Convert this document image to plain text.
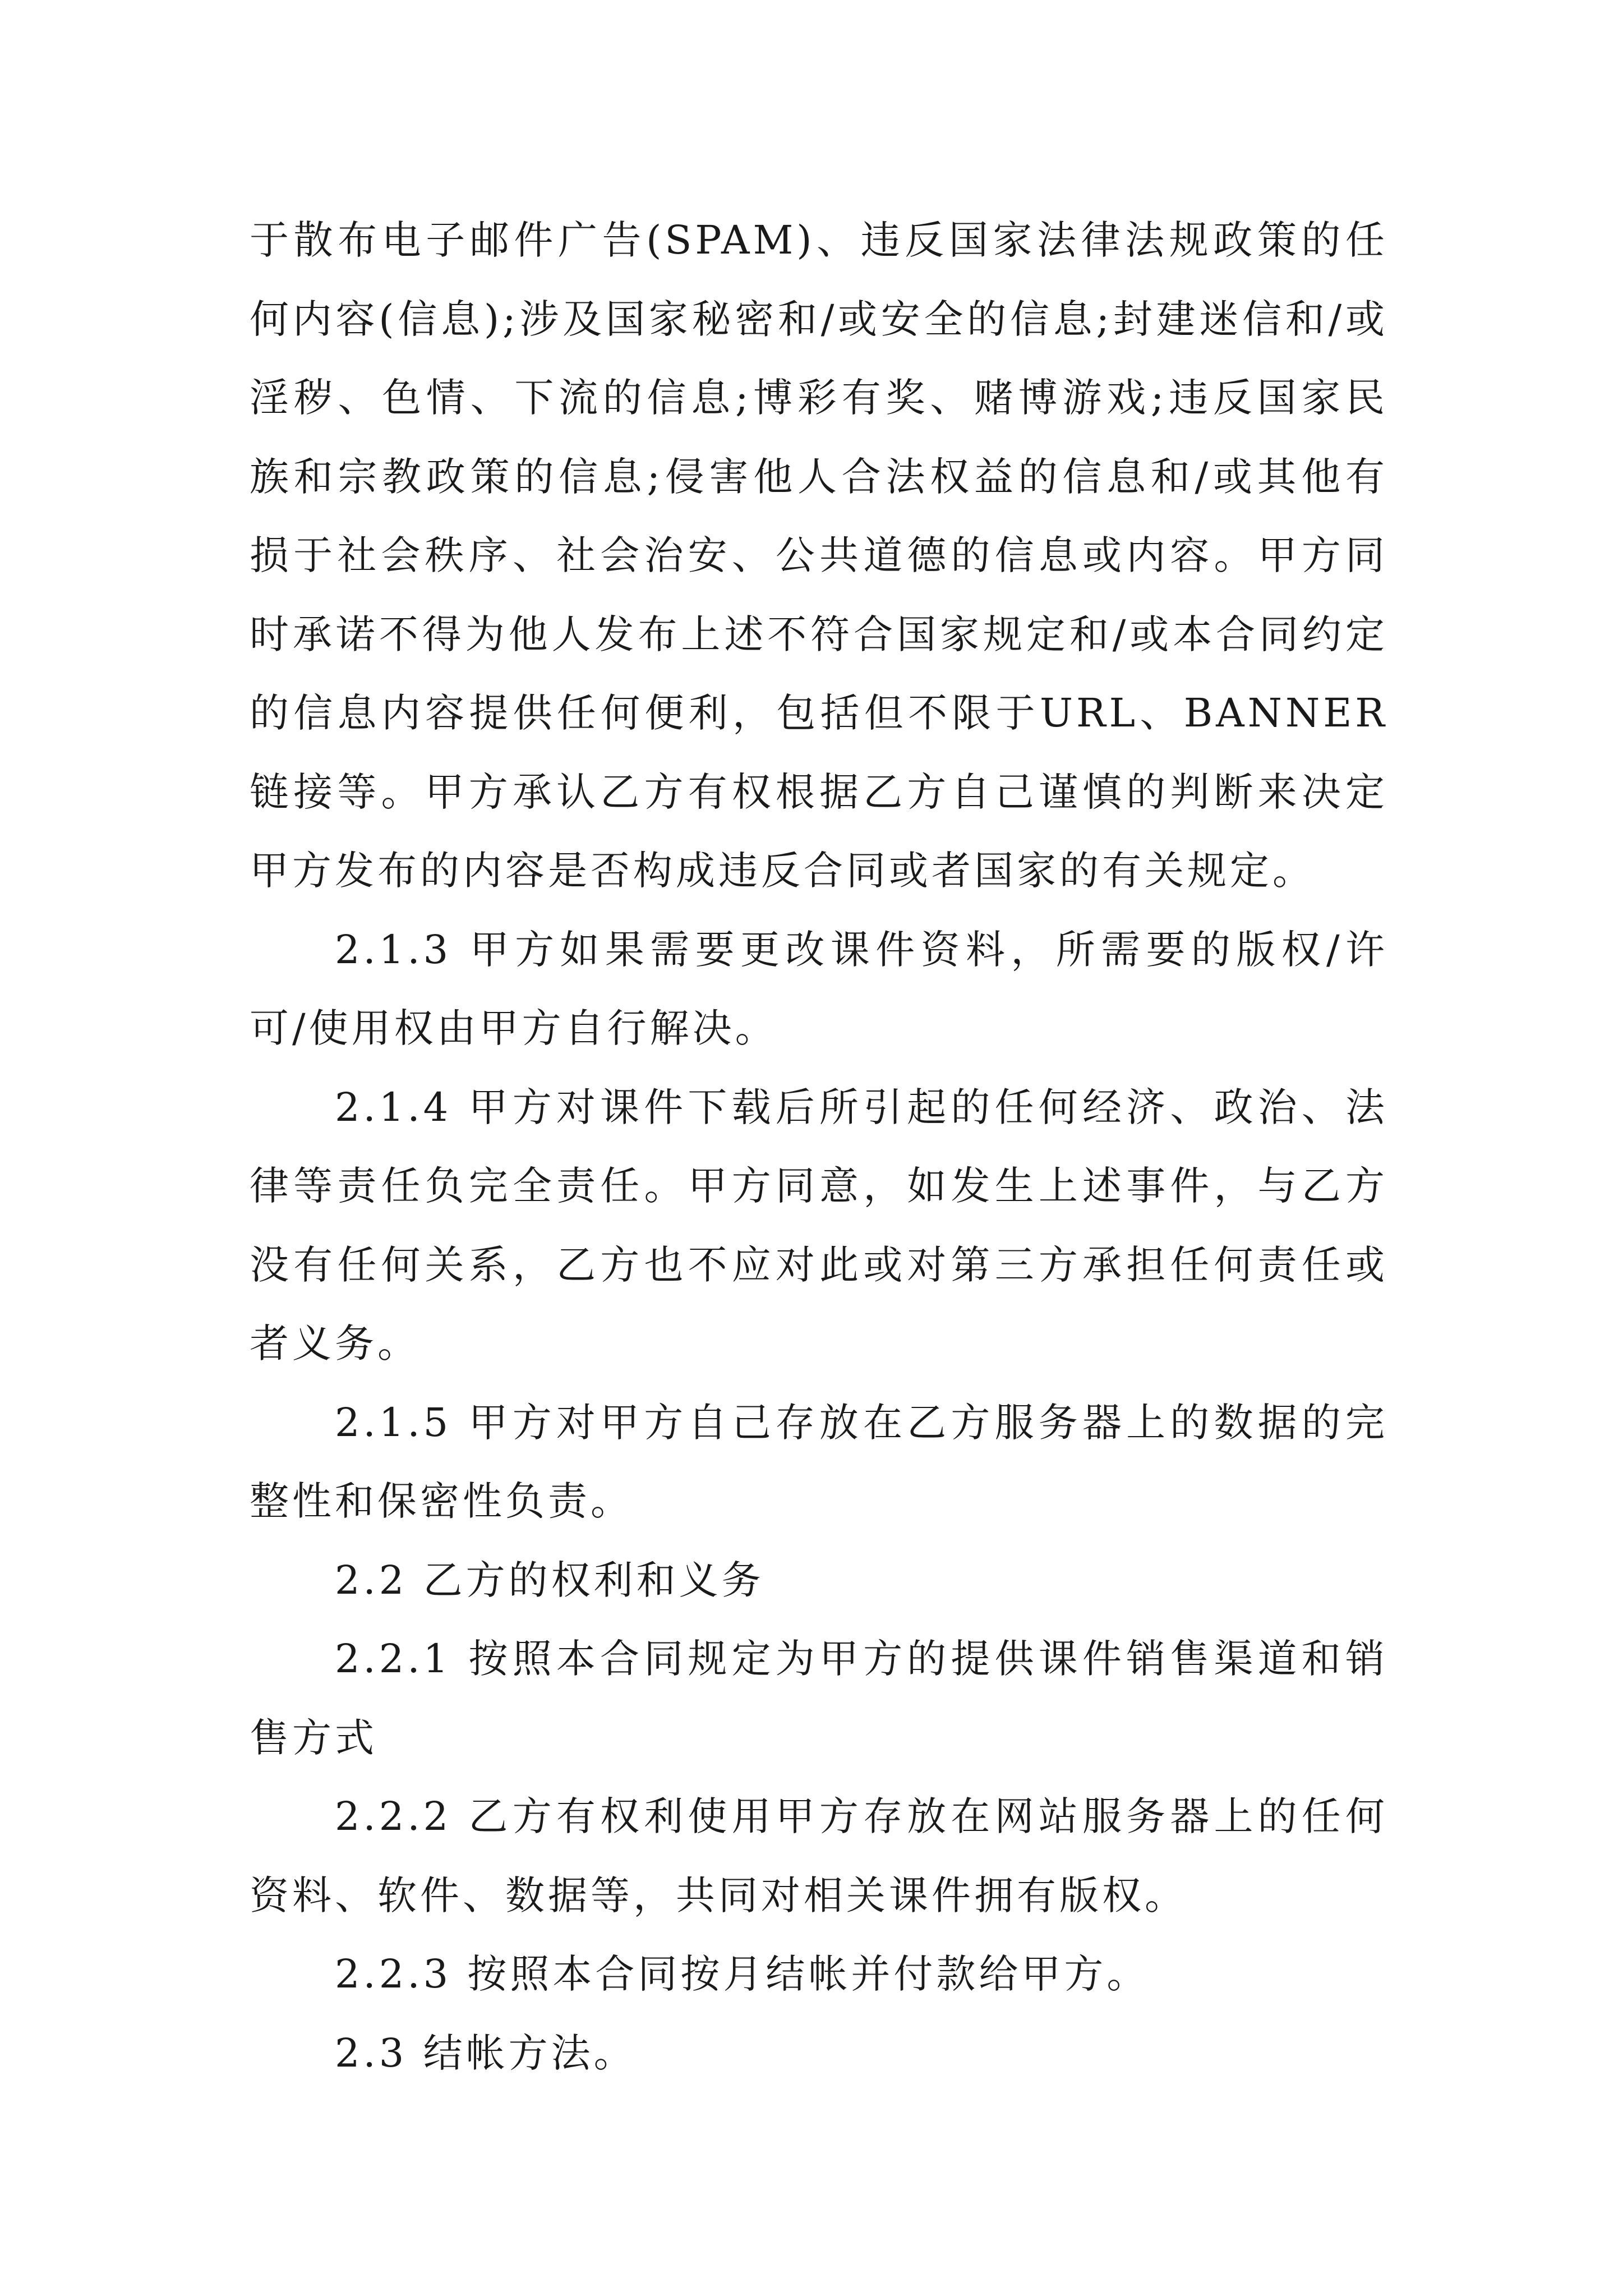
于散布电子邮件广告(SPAM)、违反国家法律法规政策的任何内容(信息);涉及国家秘密和/或安全的信息;封建迷信和/或淫秽、色情、下流的信息;博彩有奖、赌博游戏;违反国家民族和宗教政策的信息;侵害他人合法权益的信息和/或其他有损于社会秩序、社会治安、公共道德的信息或内容。甲方同时承诺不得为他人发布上述不符合国家规定和/或本合同约定的信息内容提供任何便利，包括但不限于URL、BANNER链接等。甲方承认乙方有权根据乙方自己谨慎的判断来决定甲方发布的内容是否构成违反合同或者国家的有关规定。

2.1.3 甲方如果需要更改课件资料，所需要的版权/许可/使用权由甲方自行解决。

2.1.4 甲方对课件下载后所引起的任何经济、政治、法律等责任负完全责任。甲方同意，如发生上述事件，与乙方没有任何关系，乙方也不应对此或对第三方承担任何责任或者义务。

2.1.5 甲方对甲方自己存放在乙方服务器上的数据的完整性和保密性负责。

2.2 乙方的权利和义务

2.2.1 按照本合同规定为甲方的提供课件销售渠道和销售方式

2.2.2 乙方有权利使用甲方存放在网站服务器上的任何资料、软件、数据等，共同对相关课件拥有版权。

2.2.3 按照本合同按月结帐并付款给甲方。

2.3 结帐方法。
